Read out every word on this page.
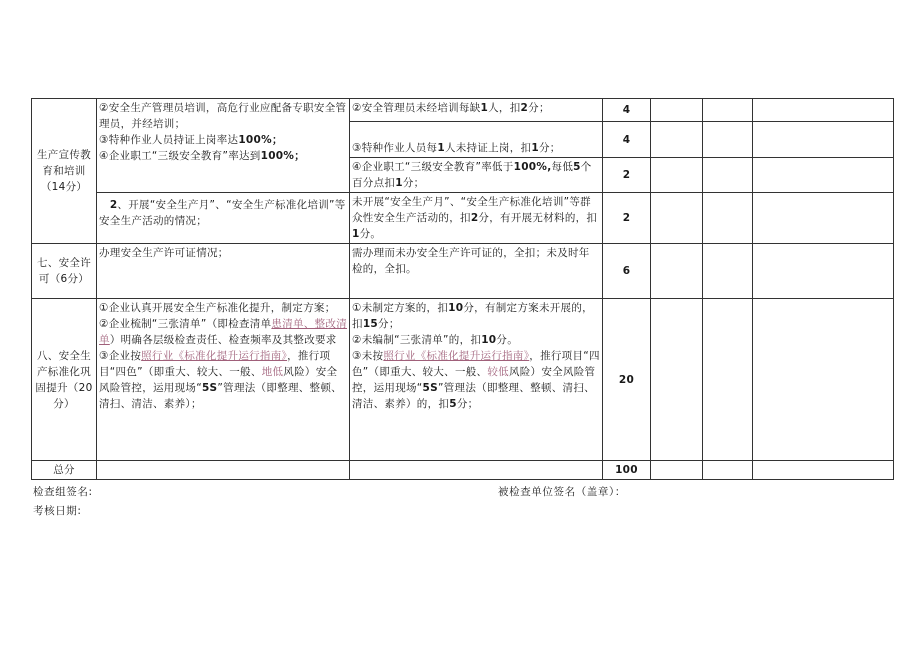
生产宣传教育和培训（14分）	②安全生产管理员培训，高危行业应配备专职安全管理员，并经培训；
③特种作业人员持证上岗率达100%；
④企业职工“三级安全教育”率达到100%；	②安全管理员未经培训每缺1人，扣2分；	4			
		③特种作业人员每1人未持证上岗，扣1分；	4			
		④企业职工“三级安全教育”率低于100%,每低5个百分点扣1分；	2			
	　2、开展“安全生产月”、“安全生产标准化培训”等安全生产活动的情况；	未开展“安全生产月”、“安全生产标准化培训”等群众性安全生产活动的，扣2分，有开展无材料的，扣1分。	2			
七、安全许可（6分）	办理安全生产许可证情况；	需办理而未办安全生产许可证的，全扣；未及时年检的，全扣。	6			
八、安全生产标准化巩固提升（20分）	①企业认真开展安全生产标准化提升，制定方案；
②企业梳制“三张清单”（即检查清单患清单、整改清单）明确各层级检查责任、检查频率及其整改要求
③企业按照行业《标准化提升运行指南》，推行项目“四色”（即重大、较大、一般、地低风险）安全风险管控，运用现场“5S”管理法（即整理、整顿、清扫、清洁、素养）；	①未制定方案的，扣10分，有制定方案未开展的，扣15分；
②未编制“三张清单”的，扣10分。
③未按照行业《标准化提升运行指南》，推行项目“四色”（即重大、较大、一般、较低风险）安全风险管控，运用现场“5S”管理法（即整理、整顿、清扫、清洁、素养）的，扣5分；	20			
总分			100			
检查组签名:
考核日期:
被检查单位签名（盖章）：
